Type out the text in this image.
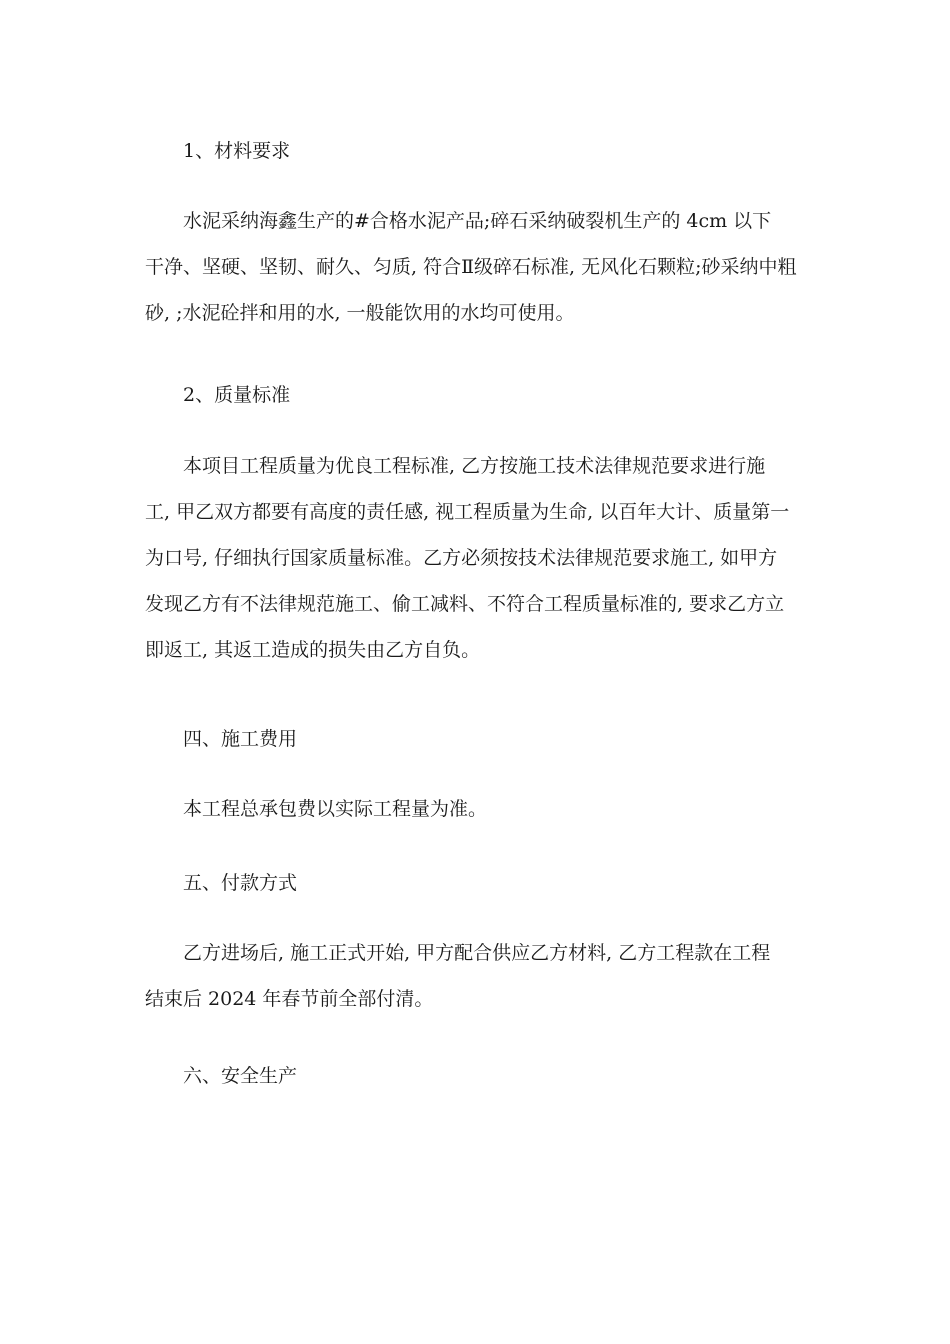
1、材料要求

水泥采纳海鑫生产的#合格水泥产品;碎石采纳破裂机生产的 4cm 以下
干净、坚硬、坚韧、耐久、匀质, 符合Ⅱ级碎石标准, 无风化石颗粒;砂采纳中粗
砂, ;水泥砼拌和用的水, 一般能饮用的水均可使用。

2、质量标准

本项目工程质量为优良工程标准, 乙方按施工技术法律规范要求进行施
工, 甲乙双方都要有高度的责任感, 视工程质量为生命, 以百年大计、质量第一
为口号, 仔细执行国家质量标准。乙方必须按技术法律规范要求施工, 如甲方
发现乙方有不法律规范施工、偷工减料、不符合工程质量标准的, 要求乙方立
即返工, 其返工造成的损失由乙方自负。

四、施工费用

本工程总承包费以实际工程量为准。

五、付款方式

乙方进场后, 施工正式开始, 甲方配合供应乙方材料, 乙方工程款在工程
结束后 2024 年春节前全部付清。

六、安全生产
